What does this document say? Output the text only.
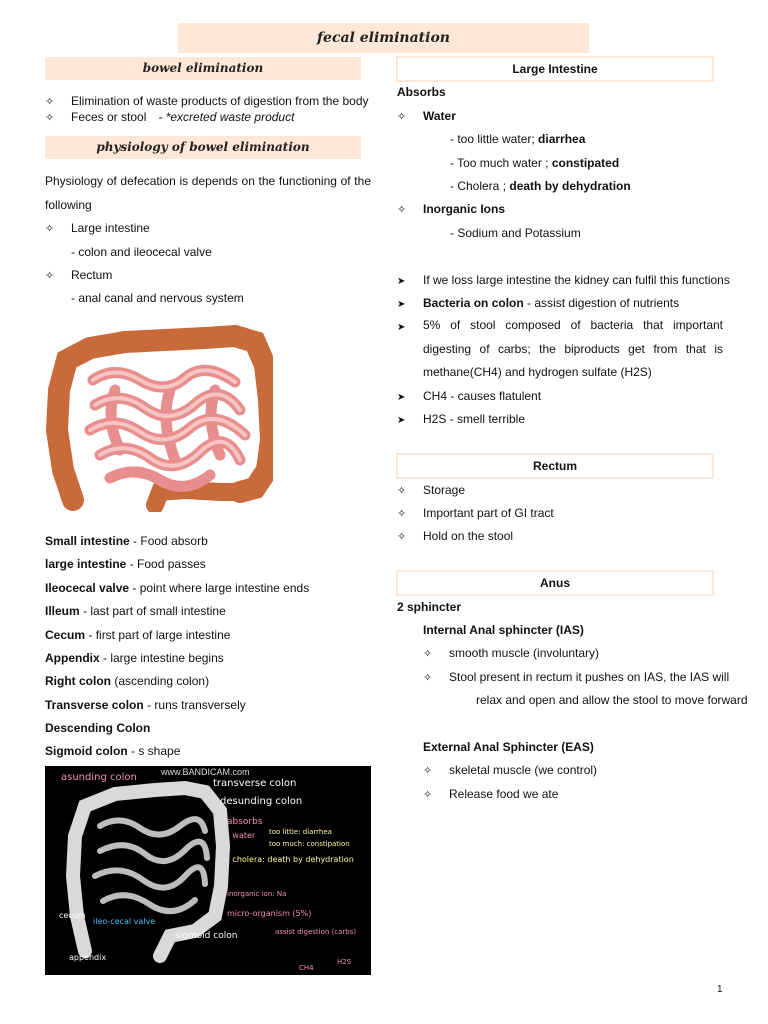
fecal elimination
bowel elimination
✧ Elimination of waste products of digestion from the body
✧ Feces or stool - *excreted waste product
physiology of bowel elimination
Physiology of defecation is depends on the functioning of the following
✧ Large intestine
- colon and ileocecal valve
✧ Rectum
- anal canal and nervous system
Small intestine - Food absorb
large intestine - Food passes
Ileocecal valve - point where large intestine ends
Illeum - last part of small intestine
Cecum - first part of large intestine
Appendix - large intestine begins
Right colon (ascending colon)
Transverse colon - runs transversely
Descending Colon
Sigmoid colon - s shape
www.BANDICAM.com
asunding colon
transverse colon
desunding colon
absorbs
- water too little: diarrhea
too much: constipation
- cholera: death by dehydration
inorganic ion: Na
micro-organism (5%)
assist digestion (carbs)
cecum
ileo-cecal valve
sigmoid colon
appendix	H2S
CH4
Large Intestine
Absorbs
✧ Water
- too little water; diarrhea
- Too much water ; constipated
- Cholera ; death by dehydration
✧ Inorganic Ions
- Sodium and Potassium
➤ If we loss large intestine the kidney can fulfil this functions
➤ Bacteria on colon - assist digestion of nutrients
➤	5% of stool composed of bacteria that important digesting of carbs; the biproducts get from that is methane(CH4) and hydrogen sulfate (H2S)
➤ CH4 - causes flatulent
➤ H2S - smell terrible
Rectum
✧ Storage
✧ Important part of GI tract
✧ Hold on the stool
Anus
2 sphincter
Internal Anal sphincter (IAS)
✧ smooth muscle (involuntary)
✧ Stool present in rectum it pushes on IAS, the IAS will
relax and open and allow the stool to move forward
External Anal Sphincter (EAS)
✧ skeletal muscle (we control)
✧ Release food we ate
1
